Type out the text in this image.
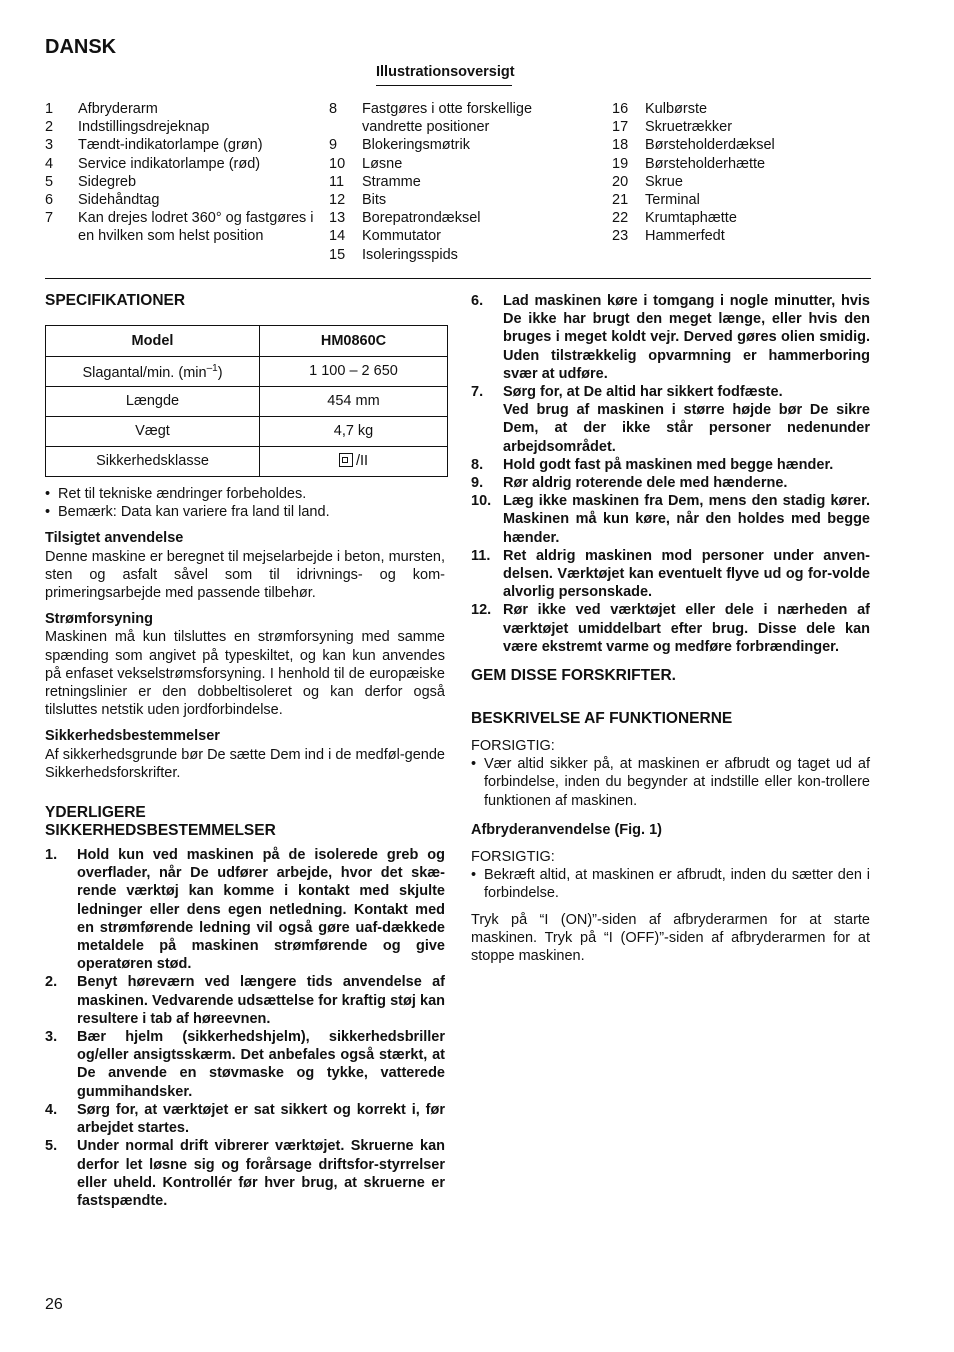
DANSK
Illustrationsoversigt
1	Afbryderarm
2	Indstillingsdrejeknap
3	Tændt-indikatorlampe (grøn)
4	Service indikatorlampe (rød)
5	Sidegreb
6	Sidehåndtag
7	Kan drejes lodret 360° og fastgøres i en hvilken som helst position
8	Fastgøres i otte forskellige vandrette positioner
9	Blokeringsmøtrik
10	Løsne
11	Stramme
12	Bits
13	Borepatrondæksel
14	Kommutator
15	Isoleringsspids
16	Kulbørste
17	Skruetrækker
18	Børsteholderdæksel
19	Børsteholderhætte
20	Skrue
21	Terminal
22	Krumtaphætte
23	Hammerfedt
SPECIFIKATIONER
Model	HM0860C
Slagantal/min. $(\min^{-1})$	1 100 – 2 650
Længde	454 mm
Vægt	4,7 kg
Sikkerhedsklasse	/II
• Ret til tekniske ændringer forbeholdes.
• Bemærk: Data kan variere fra land til land.
Tilsigtet anvendelse
Denne maskine er beregnet til mejselarbejde i beton, mursten, sten og asfalt såvel som til idrivnings- og kom-primeringsarbejde med passende tilbehør.
Strømforsyning
Maskinen må kun tilsluttes en strømforsyning med samme spænding som angivet på typeskiltet, og kan kun anvendes på enfaset vekselstrømsforsyning. I henhold til de europæiske retningslinier er den dobbeltisoleret og kan derfor også tilsluttes netstik uden jordforbindelse.
Sikkerhedsbestemmelser
Af sikkerhedsgrunde bør De sætte Dem ind i de medføl-gende Sikkerhedsforskrifter.
YDERLIGERE
SIKKERHEDSBESTEMMELSER
1.	Hold kun ved maskinen på de isolerede greb og overflader, når De udfører arbejde, hvor det skæ-rende værktøj kan komme i kontakt med skjulte ledninger eller dens egen netledning. Kontakt med en strømførende ledning vil også gøre uaf-dækkede metaldele på maskinen strømførende og give operatøren stød.
2.	Benyt høreværn ved længere tids anvendelse af maskinen. Vedvarende udsættelse for kraftig støj kan resultere i tab af høreevnen.
3.	Bær hjelm (sikkerhedshjelm), sikkerhedsbriller og/eller ansigtsskærm. Det anbefales også stærkt, at De anvende en støvmaske og tykke, vatterede gummihandsker.
4.	Sørg for, at værktøjet er sat sikkert og korrekt i, før arbejdet startes.
5.	Under normal drift vibrerer værktøjet. Skruerne kan derfor let løsne sig og forårsage driftsfor-styrrelser eller uheld. Kontrollér før hver brug, at skruerne er fastspændte.
6.	Lad maskinen køre i tomgang i nogle minutter, hvis De ikke har brugt den meget længe, eller hvis den bruges i meget koldt vejr. Derved gøres olien smidig. Uden tilstrækkelig opvarmning er hammerboring svær at udføre.
7.	Sørg for, at De altid har sikkert fodfæste.
Ved brug af maskinen i større højde bør De sikre Dem, at der ikke står personer nedenunder arbejdsområdet.
8.	Hold godt fast på maskinen med begge hænder.
9.	Rør aldrig roterende dele med hænderne.
10. Læg ikke maskinen fra Dem, mens den stadig kører. Maskinen må kun køre, når den holdes med begge hænder.
11. Ret aldrig maskinen mod personer under anven-delsen. Værktøjet kan eventuelt flyve ud og for-volde alvorlig personskade.
12. Rør ikke ved værktøjet eller dele i nærheden af værktøjet umiddelbart efter brug. Disse dele kan være ekstremt varme og medføre forbrændinger.
GEM DISSE FORSKRIFTER.
BESKRIVELSE AF FUNKTIONERNE
FORSIGTIG:
• Vær altid sikker på, at maskinen er afbrudt og taget ud af forbindelse, inden du begynder at indstille eller kon-trollere funktionen af maskinen.
Afbryderanvendelse (Fig. 1)
FORSIGTIG:
• Bekræft altid, at maskinen er afbrudt, inden du sætter den i forbindelse.
Tryk på “I (ON)”-siden af afbryderarmen for at starte maskinen. Tryk på “I (OFF)”-siden af afbryderarmen for at stoppe maskinen.
26
